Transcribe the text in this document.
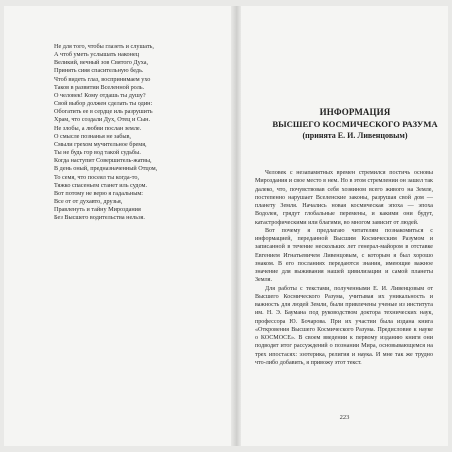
Не для того, чтобы глазеть и слушать,
А чтоб уметь услышать наконец
Великий, вечный зов Святого Духа,
Принять сияя спасительную бедь.
Чтоб видеть глаз, воспринимаем ухо
Таков в развитии Вселенной роль.
О человек! Кому отдашь ты душу?
Свой выбор должен сделать ты один:
Обогатить ее в сердце иль разрушить
Храм, что создали Дух, Отец и Сын.
Не злобы, а любви послан земле.
О смысле познанья не забыв,
Смыли грехом мучительное бремя,
Ты не будь гор вод такой судьбы.
Когда наступит Совершитель-жатвы,
В день оный, предназначенный Отцом,
То семя, что посеял ты когда-то,
Тяжко спасеньем станет иль судом.
Вот потому не верю я гадальным:
Все от от духавто, друзья,
Правленуть и тайну Мироздания
Без Высшего водительства нельзя.
ИНФОРМАЦИЯ
ВЫСШЕГО КОСМИЧЕСКОГО РАЗУМА
(принята Е. И. Ливенцовым)

Человек с незапамятных времен стремился постичь основы Мироздания и свое место в нем. Но в этом стремлении он зашел так далеко, что, почувствовав себя хозяином всего живого на Земле, постепенно нарушает Вселенские законы, разрушая свой дом — планету Земля. Начались новая космическая эпоха — эпоха Водолея, грядут глобальные перемены, и какими они будут, катастрофическими или благими, во многом зависит от людей.

Вот почему я предлагаю читателям познакомиться с информацией, переданной Высшим Космическим Разумом и записанной в течение нескольких лет генерал-майором в отставке Евгением Игнатьевичем Ливенцовым, с которым я был хорошо знаком. В его посланиях передаются знания, имеющие важное значение для выживания нашей цивилизации и самой планеты Земля.

Для работы с текстами, полученными Е. И. Ливенцовым от Высшего Космического Разума, учитывая их уникальность и важность для людей Земли, были привлечены ученые из института им. Н. Э. Баумана под руководством доктора технических наук, профессора Ю. Бочарова. При их участии была издана книга «Откровения Высшего Космического Разума. Предисловие к науке о КОСМОСЕ». В своем введении к первому изданию книги они подводят итог рассуждений о познании Мира, основывающемся на трех ипостасях: эзотерика, религия и наука. И мне так же трудно что-либо добавить, я привожу этот текст.

223
